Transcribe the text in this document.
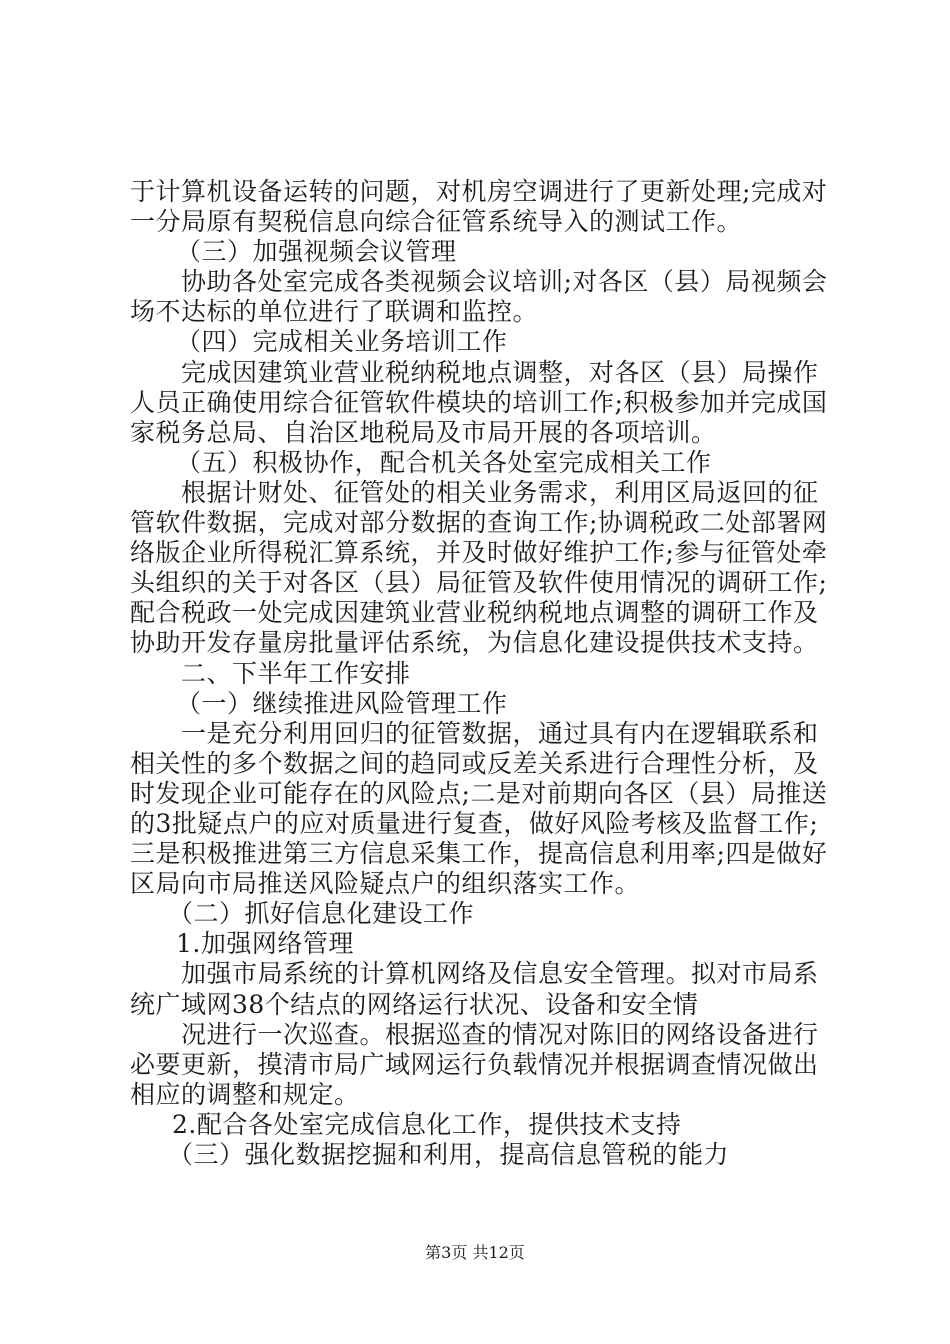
于计算机设备运转的问题，对机房空调进行了更新处理;完成对
一分局原有契税信息向综合征管系统导入的测试工作。
（三）加强视频会议管理
协助各处室完成各类视频会议培训;对各区（县）局视频会
场不达标的单位进行了联调和监控。
（四）完成相关业务培训工作
完成因建筑业营业税纳税地点调整，对各区（县）局操作
人员正确使用综合征管软件模块的培训工作;积极参加并完成国
家税务总局、自治区地税局及市局开展的各项培训。
（五）积极协作，配合机关各处室完成相关工作
根据计财处、征管处的相关业务需求，利用区局返回的征
管软件数据，完成对部分数据的查询工作;协调税政二处部署网
络版企业所得税汇算系统，并及时做好维护工作;参与征管处牵
头组织的关于对各区（县）局征管及软件使用情况的调研工作;
配合税政一处完成因建筑业营业税纳税地点调整的调研工作及
协助开发存量房批量评估系统，为信息化建设提供技术支持。
二、下半年工作安排
（一）继续推进风险管理工作
一是充分利用回归的征管数据，通过具有内在逻辑联系和
相关性的多个数据之间的趋同或反差关系进行合理性分析，及
时发现企业可能存在的风险点;二是对前期向各区（县）局推送
的3批疑点户的应对质量进行复查，做好风险考核及监督工作;
三是积极推进第三方信息采集工作，提高信息利用率;四是做好
区局向市局推送风险疑点户的组织落实工作。
（二）抓好信息化建设工作
1.加强网络管理
加强市局系统的计算机网络及信息安全管理。拟对市局系
统广域网38个结点的网络运行状况、设备和安全情
况进行一次巡查。根据巡查的情况对陈旧的网络设备进行
必要更新，摸清市局广域网运行负载情况并根据调查情况做出
相应的调整和规定。
2.配合各处室完成信息化工作，提供技术支持
（三）强化数据挖掘和利用，提高信息管税的能力
第3页 共12页
